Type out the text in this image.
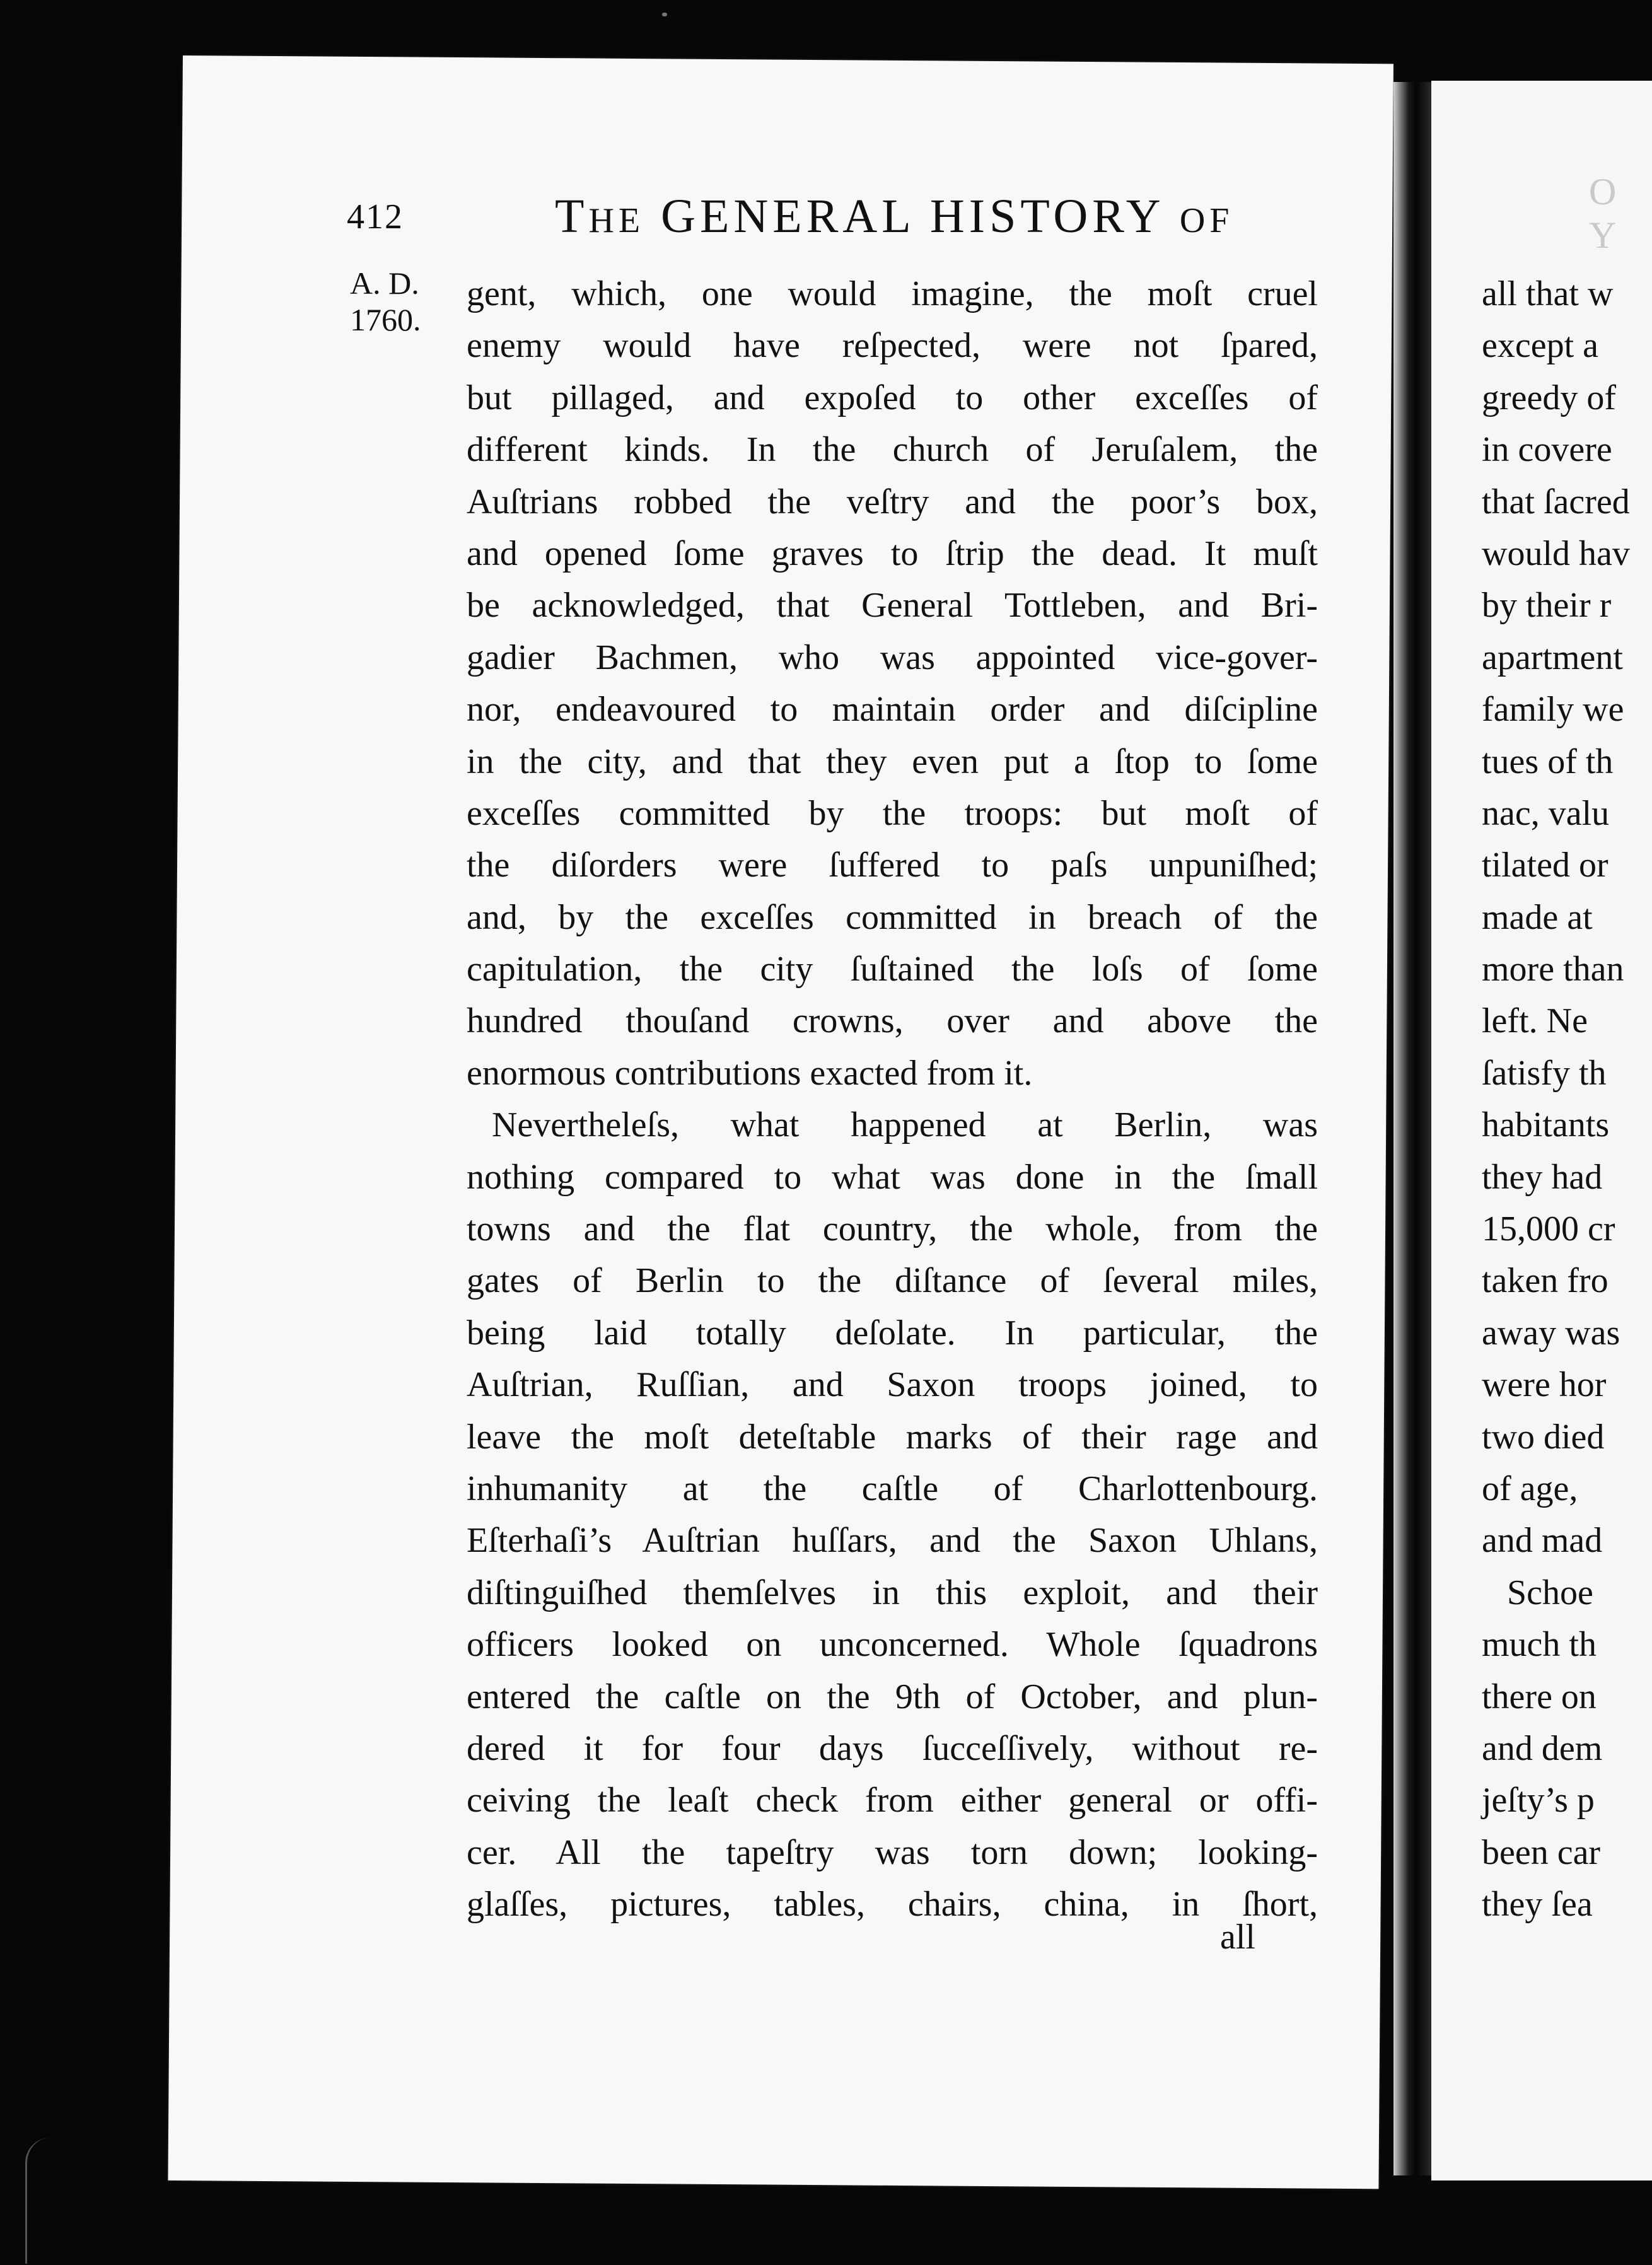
O Y
412	THE GENERAL HISTORY OF
A. D.
1760.
gent, which, one would imagine, the moſt cruel
enemy would have reſpected, were not ſpared,
but pillaged, and expoſed to other exceſſes of
different kinds. In the church of Jeruſalem, the
Auſtrians robbed the veſtry and the poor’s box,
and opened ſome graves to ſtrip the dead. It muſt
be acknowledged, that General Tottleben, and Bri-
gadier Bachmen, who was appointed vice-gover-
nor, endeavoured to maintain order and diſcipline
in the city, and that they even put a ſtop to ſome
exceſſes committed by the troops: but moſt of
the diſorders were ſuffered to paſs unpuniſhed;
and, by the exceſſes committed in breach of the
capitulation, the city ſuſtained the loſs of ſome
hundred thouſand crowns, over and above the
enormous contributions exacted from it.
Nevertheleſs, what happened at Berlin, was
nothing compared to what was done in the ſmall
towns and the flat country, the whole, from the
gates of Berlin to the diſtance of ſeveral miles,
being laid totally deſolate. In particular, the
Auſtrian, Ruſſian, and Saxon troops joined, to
leave the moſt deteſtable marks of their rage and
inhumanity at the caſtle of Charlottenbourg.
Eſterhaſi’s Auſtrian huſſars, and the Saxon Uhlans,
diſtinguiſhed themſelves in this exploit, and their
officers looked on unconcerned. Whole ſquadrons
entered the caſtle on the 9th of October, and plun-
dered it for four days ſucceſſively, without re-
ceiving the leaſt check from either general or offi-
cer. All the tapeſtry was torn down; looking-
glaſſes, pictures, tables, chairs, china, in ſhort,
all
all that w
except a
greedy of
in covere
that ſacred
would hav
by their r
apartment
family we
tues of th
nac, valu
tilated or
made at
more than
left. Ne
ſatisfy th
habitants
they had
15,000 cr
taken fro
away was
were hor
two died
of age,
and mad
Schoe
much th
there on
and dem
jeſty’s p
been car
they ſea
